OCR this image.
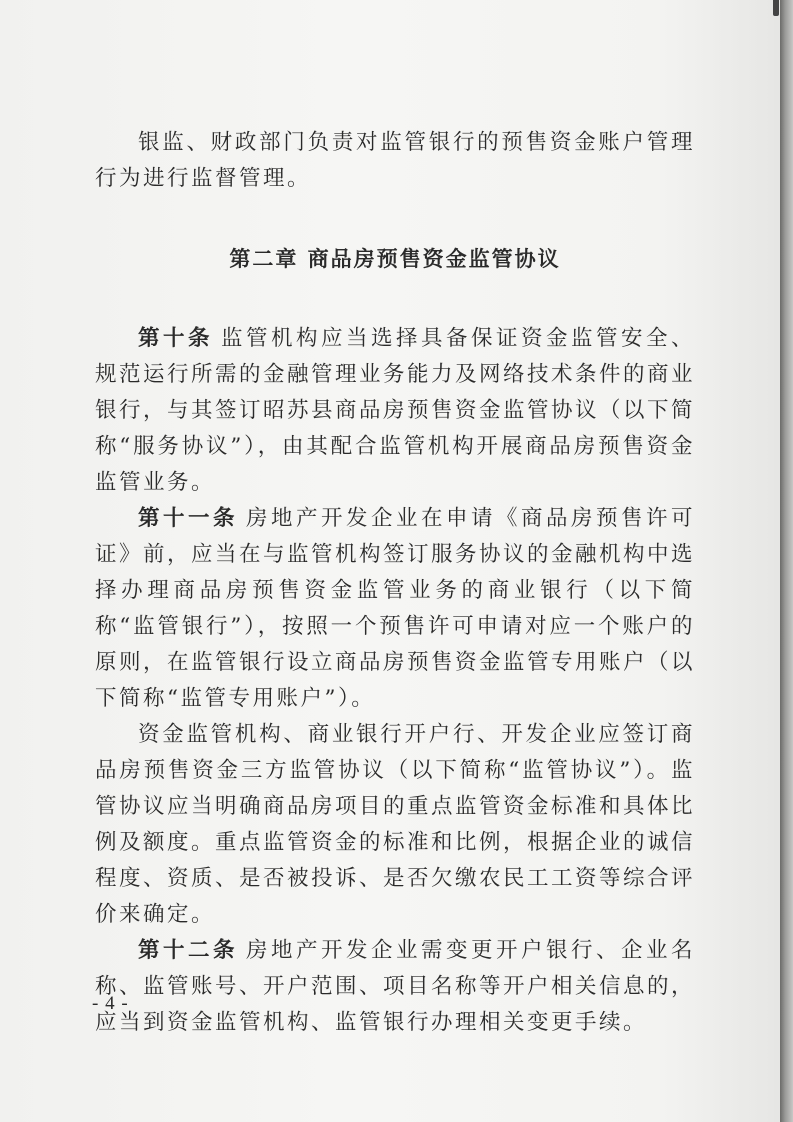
银监、财政部门负责对监管银行的预售资金账户管理行为进行监督管理。

第二章 商品房预售资金监管协议

第十条 监管机构应当选择具备保证资金监管安全、规范运行所需的金融管理业务能力及网络技术条件的商业银行，与其签订昭苏县商品房预售资金监管协议（以下简称“服务协议”），由其配合监管机构开展商品房预售资金监管业务。

第十一条 房地产开发企业在申请《商品房预售许可证》前，应当在与监管机构签订服务协议的金融机构中选择办理商品房预售资金监管业务的商业银行（以下简称“监管银行”），按照一个预售许可申请对应一个账户的原则，在监管银行设立商品房预售资金监管专用账户（以下简称“监管专用账户”）。

资金监管机构、商业银行开户行、开发企业应签订商品房预售资金三方监管协议（以下简称“监管协议”）。监管协议应当明确商品房项目的重点监管资金标准和具体比例及额度。重点监管资金的标准和比例，根据企业的诚信程度、资质、是否被投诉、是否欠缴农民工工资等综合评价来确定。

第十二条 房地产开发企业需变更开户银行、企业名称、监管账号、开户范围、项目名称等开户相关信息的，应当到资金监管机构、监管银行办理相关变更手续。

- 4 -
